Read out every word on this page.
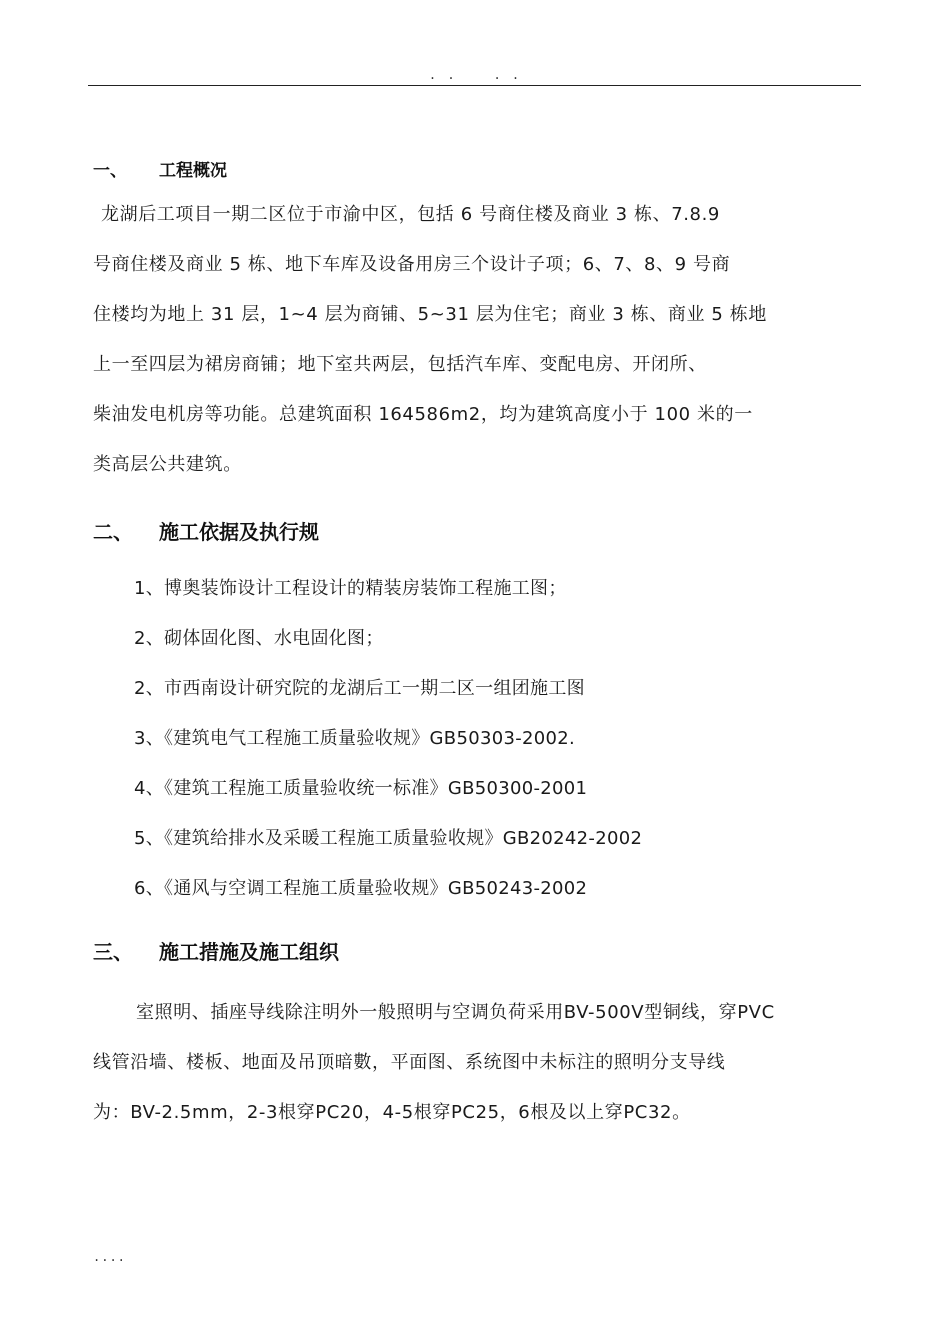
. .    . .
一、	工程概况
龙湖后工项目一期二区位于市渝中区，包括 6 号商住楼及商业 3 栋、7.8.9
号商住楼及商业 5 栋、地下车库及设备用房三个设计子项；6、7、8、9 号商
住楼均为地上 31 层，1~4 层为商铺、5~31 层为住宅；商业 3 栋、商业 5 栋地
上一至四层为裙房商铺；地下室共两层，包括汽车库、变配电房、开闭所、
柴油发电机房等功能。总建筑面积 164586m2，均为建筑高度小于 100 米的一
类高层公共建筑。
二、	施工依据及执行规
1、博奥装饰设计工程设计的精装房装饰工程施工图；
2、砌体固化图、水电固化图；
2、市西南设计研究院的龙湖后工一期二区一组团施工图
3、《建筑电气工程施工质量验收规》GB50303-2002.
4、《建筑工程施工质量验收统一标准》GB50300-2001
5、《建筑给排水及采暖工程施工质量验收规》GB20242-2002
6、《通风与空调工程施工质量验收规》GB50243-2002
三、	施工措施及施工组织
室照明、插座导线除注明外一般照明与空调负荷采用BV-500V型铜线，穿PVC
线管沿墙、楼板、地面及吊顶暗數，平面图、系统图中未标注的照明分支导线
为：BV-2.5mm，2-3根穿PC20，4-5根穿PC25，6根及以上穿PC32。
....
